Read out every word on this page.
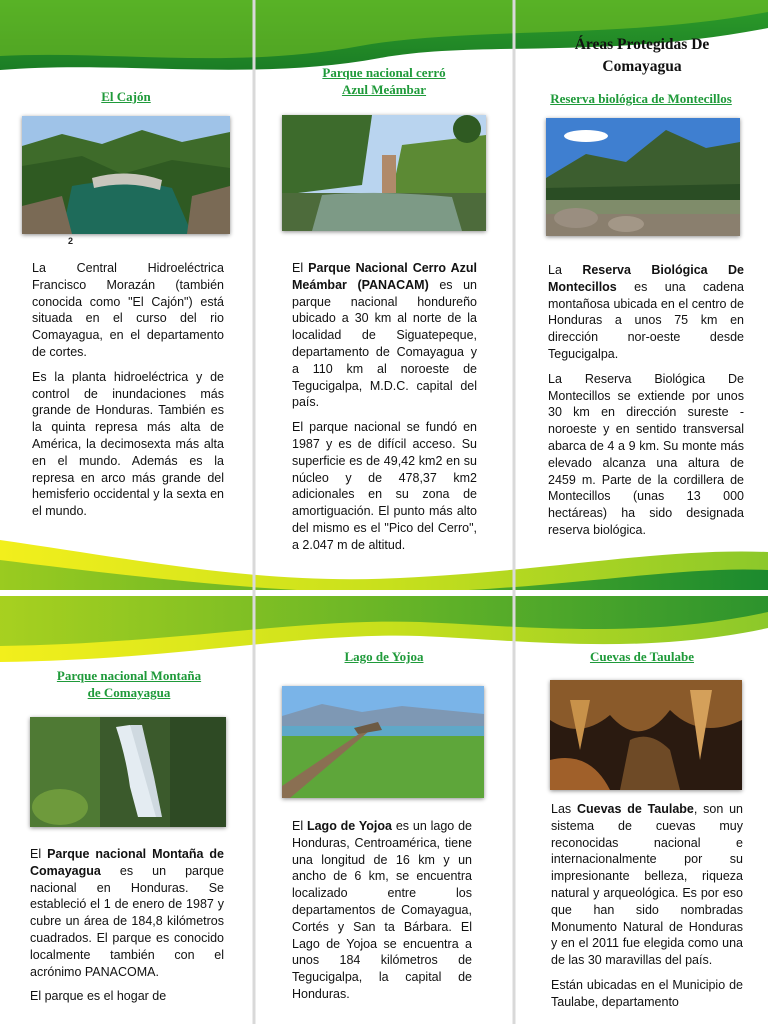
El Cajón

2

La Central Hidroeléctrica Francisco Morazán (también conocida como "El Cajón") está situada en el curso del rio Comayagua, en el departamento de cortes.

Es la planta hidroeléctrica y de control de inundaciones más grande de Honduras. También es la quinta represa más alta de América, la decimosexta más alta en el mundo. Además es la represa en arco más grande del hemisferio occidental y la sexta en el mundo.

Parque nacional cerró

Azul Meámbar

El Parque Nacional Cerro Azul Meámbar (PANACAM) es un parque nacional hondureño ubicado a 30 km al norte de la localidad de Siguatepeque, departamento de Comayagua y a 110 km al noroeste de Tegucigalpa, M.D.C. capital del país.

El parque nacional se fundó en 1987 y es de difícil acceso. Su superficie es de 49,42 km2 en su núcleo y de 478,37 km2 adicionales en su zona de amortiguación. El punto más alto del mismo es el "Pico del Cerro", a 2.047 m de altitud.

Áreas Protegidas De

Comayagua

Reserva biológica de Montecillos

La Reserva Biológica De Montecillos es una cadena montañosa ubicada en el centro de Honduras a unos 75 km en dirección nor-oeste desde Tegucigalpa.

La Reserva Biológica De Montecillos se extiende por unos 30 km en dirección sureste - noroeste y en sentido transversal abarca de 4 a 9 km. Su monte más elevado alcanza una altura de 2459 m. Parte de la cordillera de Montecillos (unas 13 000 hectáreas) ha sido designada reserva biológica.

Parque nacional Montaña

de Comayagua

El Parque nacional Montaña de Comayagua es un parque nacional en Honduras. Se estableció el 1 de enero de 1987 y cubre un área de 184,8 kilómetros cuadrados. El parque es conocido localmente también con el acrónimo PANACOMA.

El parque es el hogar de

Lago de Yojoa

El Lago de Yojoa es un lago de Honduras, Centroamérica, tiene una longitud de 16 km y un ancho de 6 km, se encuentra localizado entre los departamentos de Comayagua, Cortés y San ta Bárbara. El Lago de Yojoa se encuentra a unos 184 kilómetros de Tegucigalpa, la capital de Honduras.

Cuevas de Taulabe

Las Cuevas de Taulabe, son un sistema de cuevas muy reconocidas nacional e internacionalmente por su impresionante belleza, riqueza natural y arqueológica. Es por eso que han sido nombradas Monumento Natural de Honduras y en el 2011 fue elegida como una de las 30 maravillas del país.

Están ubicadas en el Municipio de Taulabe, departamento
